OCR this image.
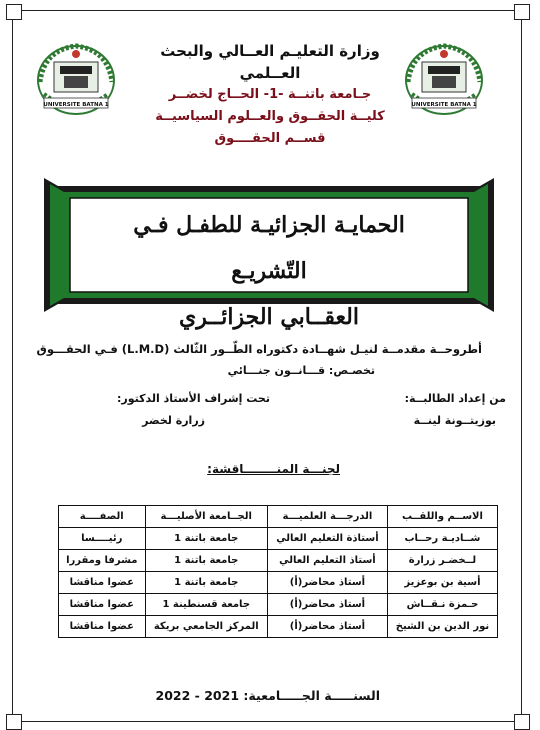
UNIVERSITE BATNA 1	UNIVERSITE BATNA 1
وزارة التعليـم العــالي والبحث العــلمي
جـامعة باتنــة -1- الحــاج لخضــر
كليــة الحقــوق والعــلوم السياسيــة
قســم الحقــــوق
الحمايـة الجزائيـة للطفـل فـي التّشريـع
العقــابي الجزائــري
أطروحــة مقدمــة لنيـل شهــادة دكتوراه الطّــور الثّالث (L.M.D) فـي الحقـــوق
تخصـص: قـــانــون جنـــائي
من إعداد الطالبــة:
تحت إشراف الأستاذ الدكتور:
بوزيتــونة لينــة
زرارة لخضر
لجنـــة المنــــــــاقشة:
الاســم واللقــب	الدرجـــة العلميـــة	الجــامعة الأصليـــة	الصفــــة
شــاديـة رحــاب	أستاذة التعليم العالي	جامعة باتنة 1	رئيــــسا
لــخضـر زرارة	أستاذ التعليم العالي	جامعة باتنة 1	مشرفا ومقررا
أسية بن بوعزيز	أستاذ محاضر(أ)	جامعة باتنة 1	عضوا مناقشا
حـمزة نـقــاش	أستاذ محاضر(أ)	جامعة قسنطينة 1	عضوا مناقشا
نور الدين بن الشيخ	أستاذ محاضر(أ)	المركز الجامعي بريكة	عضوا مناقشا
السنـــــة الجـــــامعية: 2021 - 2022
